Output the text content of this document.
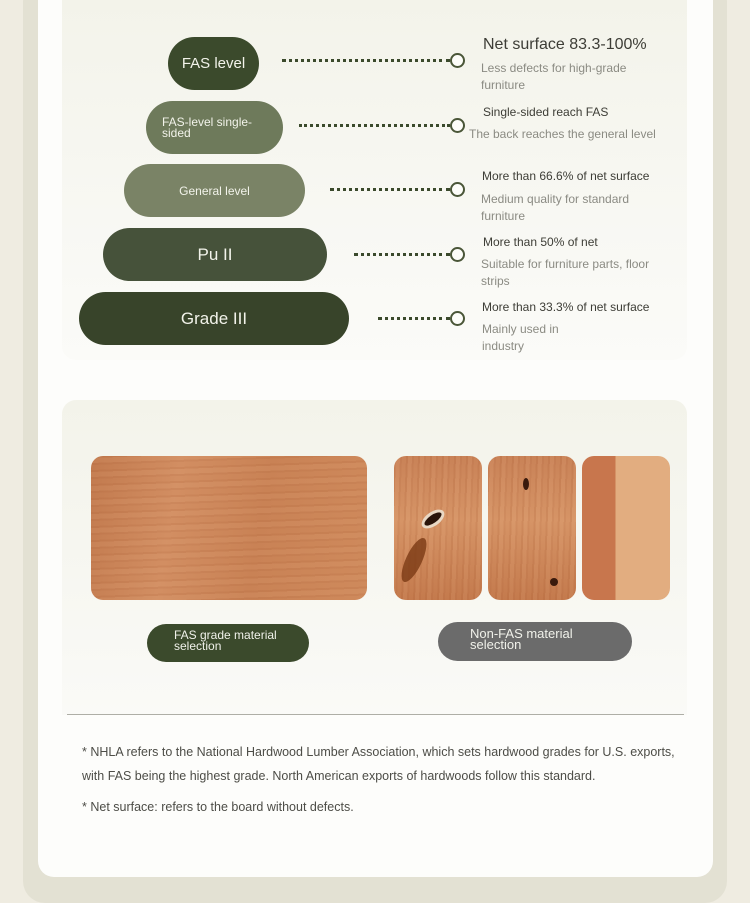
FAS level
FAS-level single-sided
General level
Pu II
Grade III
Net surface 83.3-100%
Less defects for high-grade furniture
Single-sided reach FAS
The back reaches the general level
More than 66.6% of net surface
Medium quality for standard furniture
More than 50% of net
Suitable for furniture parts, floor strips
More than 33.3% of net surface
Mainly used in industry
FAS grade material selection
Non-FAS material selection
* NHLA refers to the National Hardwood Lumber Association, which sets hardwood grades for U.S. exports, with FAS being the highest grade. North American exports of hardwoods follow this standard.
* Net surface: refers to the board without defects.
